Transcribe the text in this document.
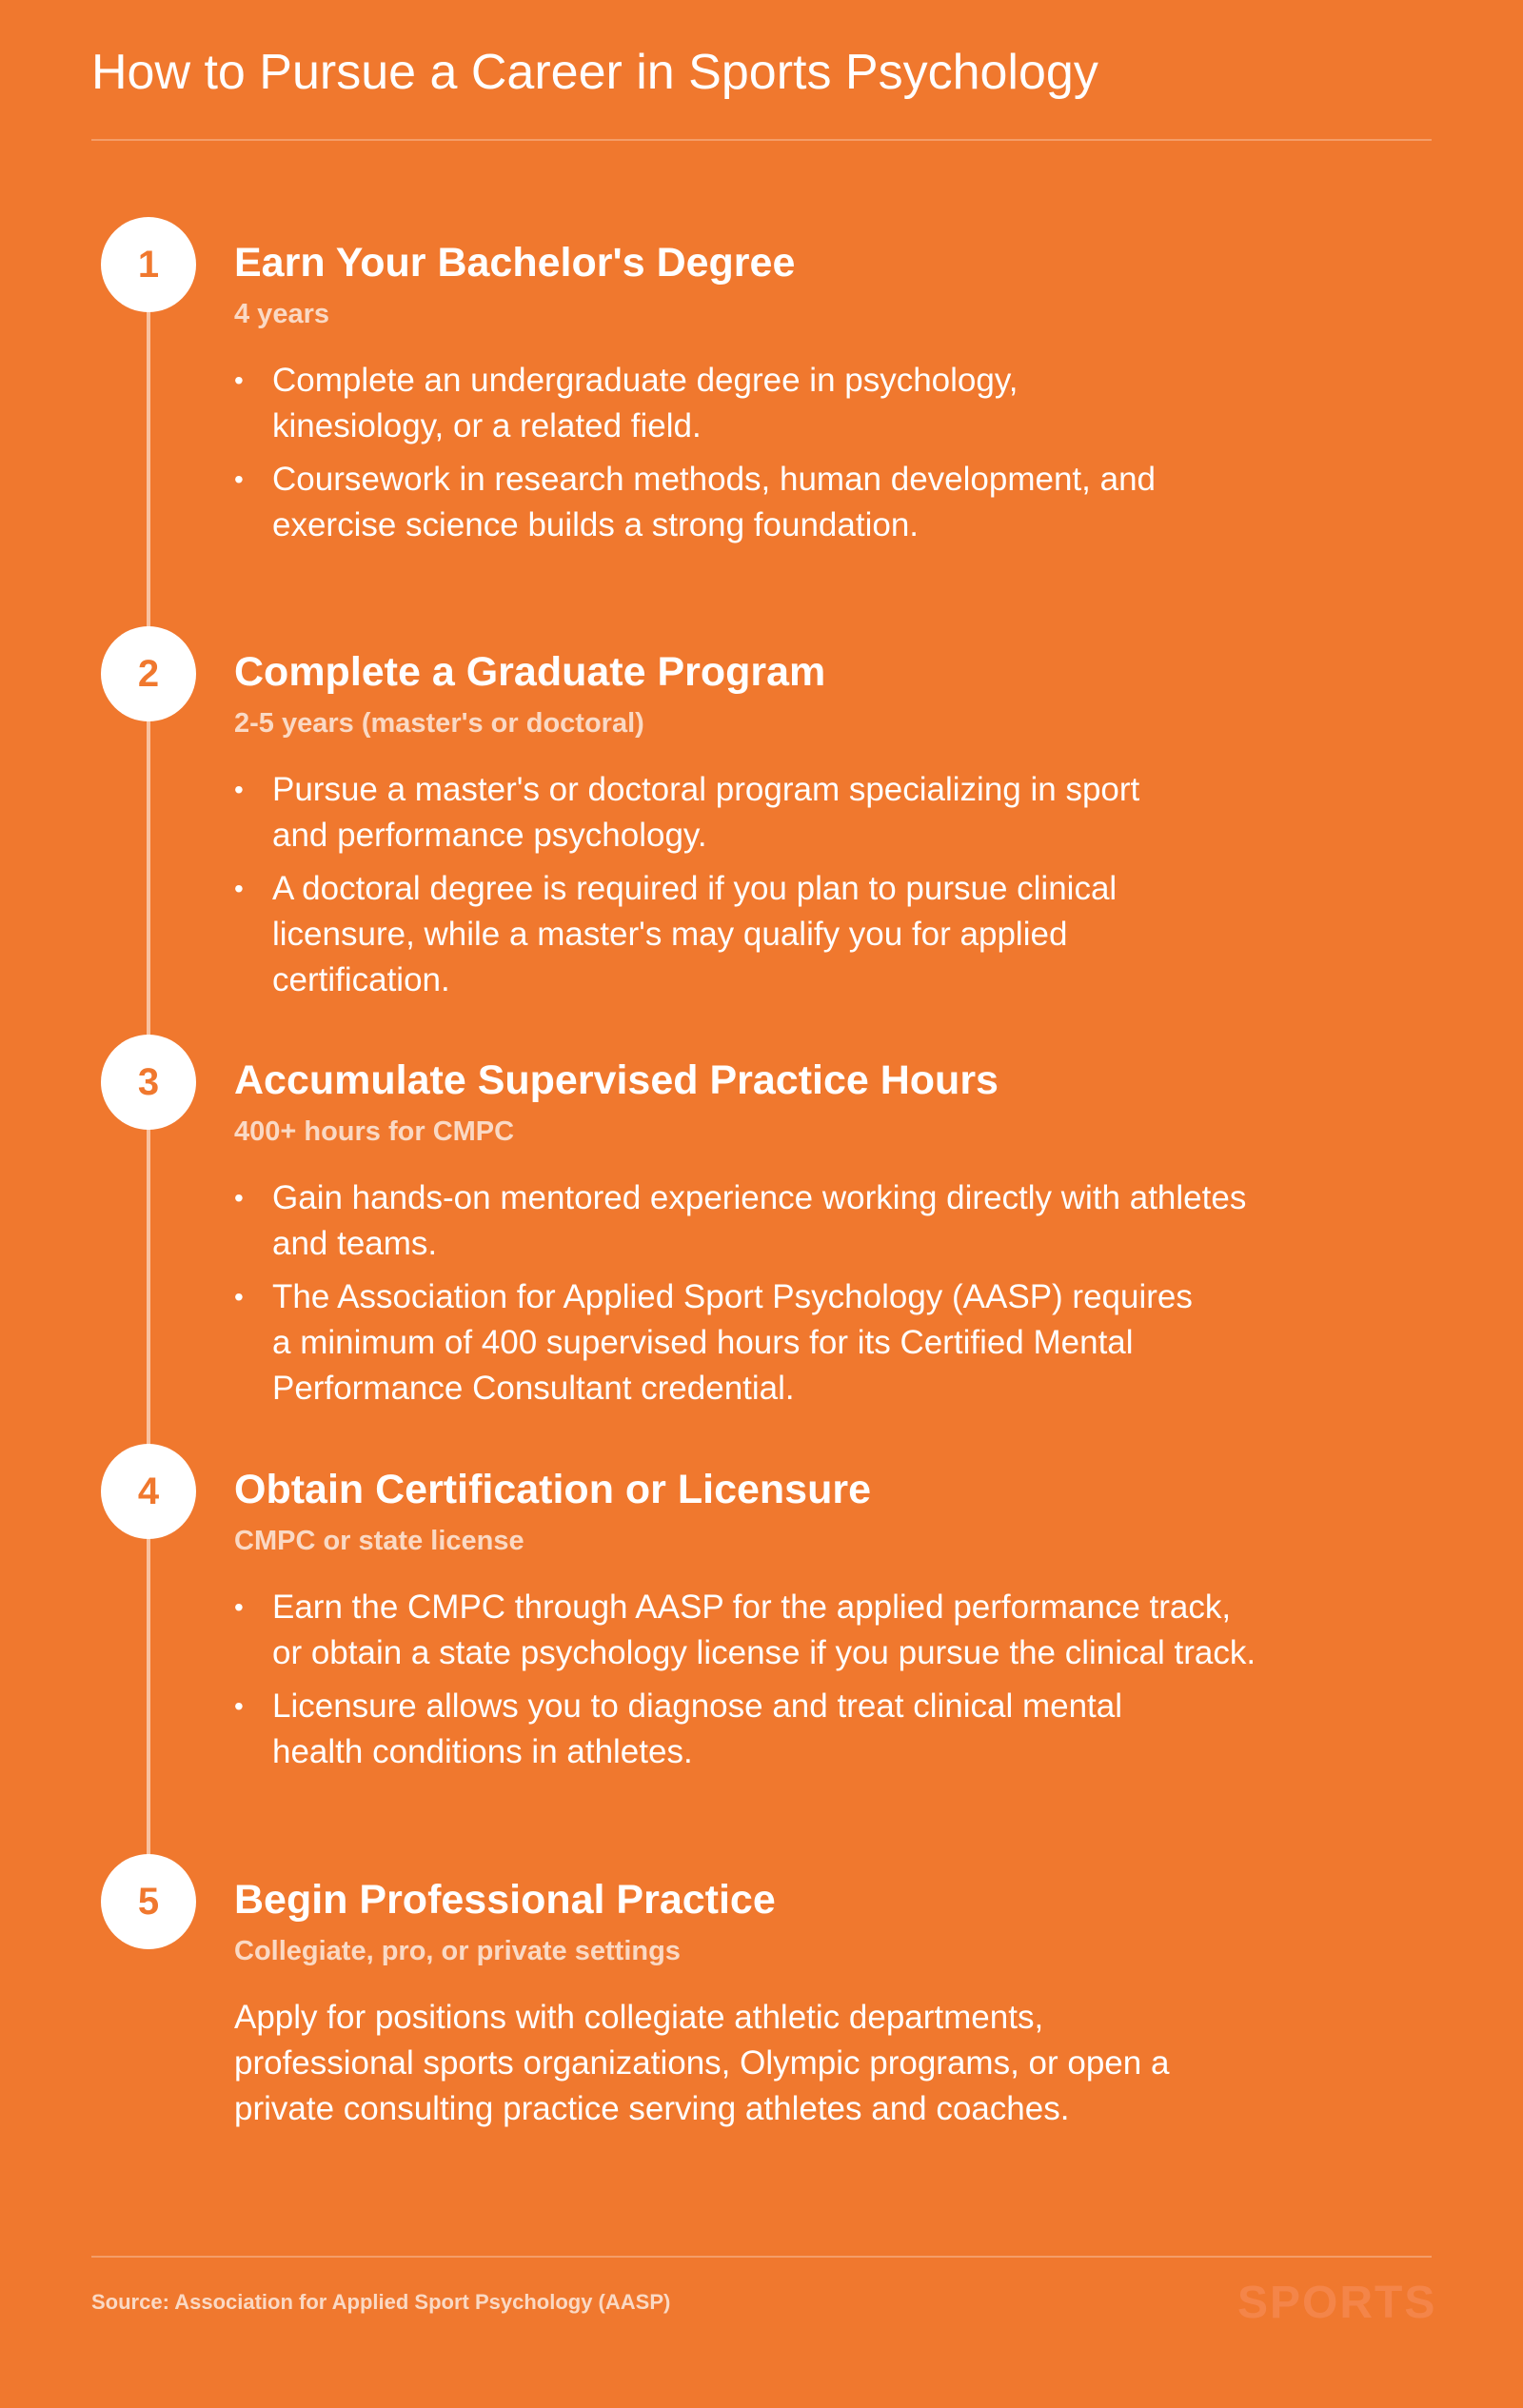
How to Pursue a Career in Sports Psychology
1	Earn Your Bachelor's Degree
4 years
• Complete an undergraduate degree in psychology, kinesiology, or a related field.
• Coursework in research methods, human development, and exercise science builds a strong foundation.
2	Complete a Graduate Program
2-5 years (master's or doctoral)
• Pursue a master's or doctoral program specializing in sport and performance psychology.
• A doctoral degree is required if you plan to pursue clinical licensure, while a master's may qualify you for applied certification.
3	Accumulate Supervised Practice Hours
400+ hours for CMPC
• Gain hands-on mentored experience working directly with athletes and teams.
• The Association for Applied Sport Psychology (AASP) requires a minimum of 400 supervised hours for its Certified Mental Performance Consultant credential.
4	Obtain Certification or Licensure
CMPC or state license
• Earn the CMPC through AASP for the applied performance track, or obtain a state psychology license if you pursue the clinical track.
• Licensure allows you to diagnose and treat clinical mental health conditions in athletes.
5	Begin Professional Practice
Collegiate, pro, or private settings
Apply for positions with collegiate athletic departments, professional sports organizations, Olympic programs, or open a private consulting practice serving athletes and coaches.
Source: Association for Applied Sport Psychology (AASP)	SPORTS
